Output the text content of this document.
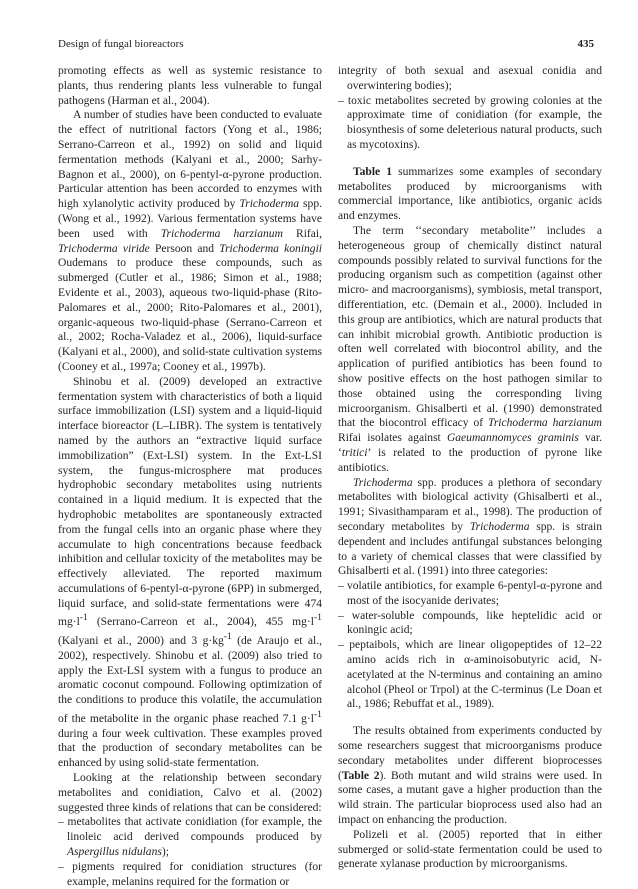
Design of fungal bioreactors	435

promoting effects as well as systemic resistance to plants, thus rendering plants less vulnerable to fungal pathogens (Harman et al., 2004).

A number of studies have been conducted to evaluate the effect of nutritional factors (Yong et al., 1986; Serrano-Carreon et al., 1992) on solid and liquid fermentation methods (Kalyani et al., 2000; Sarhy-Bagnon et al., 2000), on 6-pentyl-α-pyrone production. Particular attention has been accorded to enzymes with high xylanolytic activity produced by Trichoderma spp. (Wong et al., 1992). Various fermentation systems have been used with Trichoderma harzianum Rifai, Trichoderma viride Persoon and Trichoderma koningii Oudemans to produce these compounds, such as submerged (Cutler et al., 1986; Simon et al., 1988; Evidente et al., 2003), aqueous two-liquid-phase (Rito-Palomares et al., 2000; Rito-Palomares et al., 2001), organic-aqueous two-liquid-phase (Serrano-Carreon et al., 2002; Rocha-Valadez et al., 2006), liquid-surface (Kalyani et al., 2000), and solid-state cultivation systems (Cooney et al., 1997a; Cooney et al., 1997b).

Shinobu et al. (2009) developed an extractive fermentation system with characteristics of both a liquid surface immobilization (LSI) system and a liquid-liquid interface bioreactor (L–LIBR). The system is tentatively named by the authors an “extractive liquid surface immobilization” (Ext-LSI) system. In the Ext-LSI system, the fungus-microsphere mat produces hydrophobic secondary metabolites using nutrients contained in a liquid medium. It is expected that the hydrophobic metabolites are spontaneously extracted from the fungal cells into an organic phase where they accumulate to high concentrations because feedback inhibition and cellular toxicity of the metabolites may be effectively alleviated. The reported maximum accumulations of 6-pentyl-α-pyrone (6PP) in submerged, liquid surface, and solid-state fermentations were 474 $mg\cdot l^{-1}$ (Serrano-Carreon et al., 2004), 455 $mg\cdot l^{-1}$ (Kalyani et al., 2000) and 3 $g\cdot kg^{-1}$ (de Araujo et al., 2002), respectively. Shinobu et al. (2009) also tried to apply the Ext-LSI system with a fungus to produce an aromatic coconut compound. Following optimization of the conditions to produce this volatile, the accumulation of the metabolite in the organic phase reached 7.1 $g\cdot l^{-1}$ during a four week cultivation. These examples proved that the production of secondary metabolites can be enhanced by using solid-state fermentation.

Looking at the relationship between secondary metabolites and conidiation, Calvo et al. (2002) suggested three kinds of relations that can be considered:

– metabolites that activate conidiation (for example, the linoleic acid derived compounds produced by Aspergillus nidulans);

– pigments required for conidiation structures (for example, melanins required for the formation or

integrity of both sexual and asexual conidia and overwintering bodies);

– toxic metabolites secreted by growing colonies at the approximate time of conidiation (for example, the biosynthesis of some deleterious natural products, such as mycotoxins).

Table 1 summarizes some examples of secondary metabolites produced by microorganisms with commercial importance, like antibiotics, organic acids and enzymes.

The term ‘‘secondary metabolite’’ includes a heterogeneous group of chemically distinct natural compounds possibly related to survival functions for the producing organism such as competition (against other micro- and macroorganisms), symbiosis, metal transport, differentiation, etc. (Demain et al., 2000). Included in this group are antibiotics, which are natural products that can inhibit microbial growth. Antibiotic production is often well correlated with biocontrol ability, and the application of purified antibiotics has been found to show positive effects on the host pathogen similar to those obtained using the corresponding living microorganism. Ghisalberti et al. (1990) demonstrated that the biocontrol efficacy of Trichoderma harzianum Rifai isolates against Gaeumannomyces graminis var. ‘tritici’ is related to the production of pyrone like antibiotics.

Trichoderma spp. produces a plethora of secondary metabolites with biological activity (Ghisalberti et al., 1991; Sivasithamparam et al., 1998). The production of secondary metabolites by Trichoderma spp. is strain dependent and includes antifungal substances belonging to a variety of chemical classes that were classified by Ghisalberti et al. (1991) into three categories:

– volatile antibiotics, for example 6-pentyl-α-pyrone and most of the isocyanide derivates;

– water-soluble compounds, like heptelidic acid or koningic acid;

– peptaibols, which are linear oligopeptides of 12–22 amino acids rich in α-aminoisobutyric acid, N-acetylated at the N-terminus and containing an amino alcohol (Pheol or Trpol) at the C-terminus (Le Doan et al., 1986; Rebuffat et al., 1989).

The results obtained from experiments conducted by some researchers suggest that microorganisms produce secondary metabolites under different bioprocesses (Table 2). Both mutant and wild strains were used. In some cases, a mutant gave a higher production than the wild strain. The particular bioprocess used also had an impact on enhancing the production.

Polizeli et al. (2005) reported that in either submerged or solid-state fermentation could be used to generate xylanase production by microorganisms.
